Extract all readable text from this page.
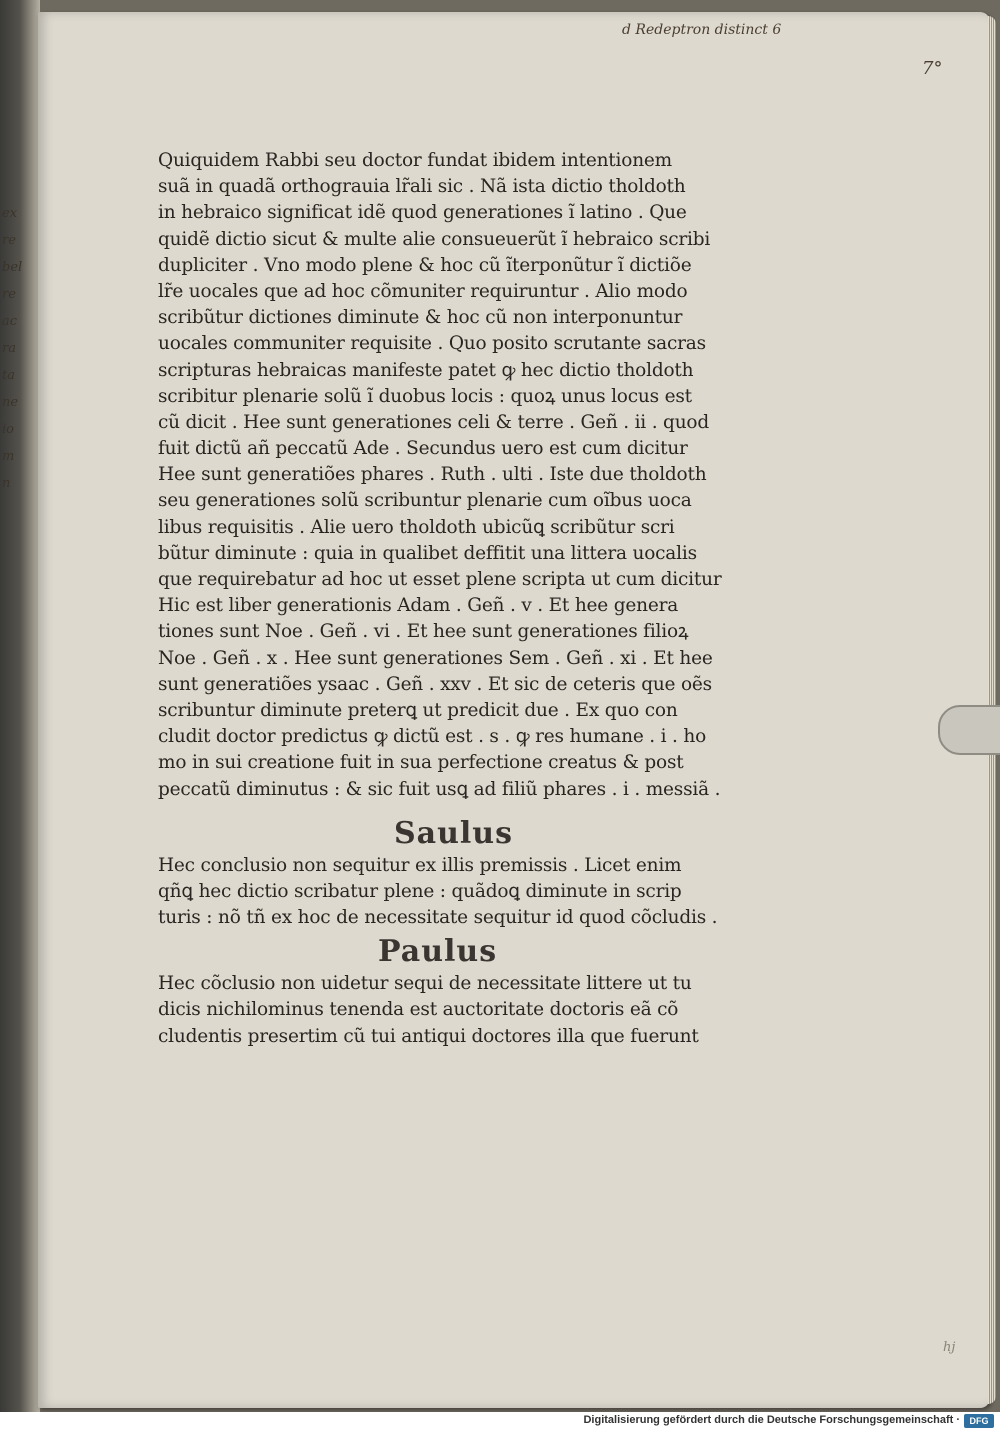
ex
re
bel
re
ac
ra
ta
ne
io
m
n
d Redeptron distinct 6
7°
Quiquidem Rabbi seu doctor fundat ibidem intentionem
suã in quadã orthograuia lr̃ali sic . Nã ista dictio tholdoth
in hebraico significat idẽ quod generationes ĩ latino . Que
quidẽ dictio sicut & multe alie consueuerũt ĩ hebraico scribi
dupliciter . Vno modo plene & hoc cũ ĩterponũtur ĩ dictiõe
lr̃e uocales que ad hoc cõmuniter requiruntur . Alio modo
scribũtur dictiones diminute & hoc cũ non interponuntur
uocales communiter requisite . Quo posito scrutante sacras
scripturas hebraicas manifeste patet ꝙ hec dictio tholdoth
scribitur plenarie solũ ĩ duobus locis : quoꝝ unus locus est
cũ dicit . Hee sunt generationes celi & terre . Geñ . ii . quod
fuit dictũ añ peccatũ Ade . Secundus uero est cum dicitur
Hee sunt generatiões phares . Ruth . ulti . Iste due tholdoth
seu generationes solũ scribuntur plenarie cum oĩbus uoca
libus requisitis . Alie uero tholdoth ubicũꝗ scribũtur scri
bũtur diminute : quia in qualibet deffitit una littera uocalis
que requirebatur ad hoc ut esset plene scripta ut cum dicitur
Hic est liber generationis Adam . Geñ . v . Et hee genera
tiones sunt Noe . Geñ . vi . Et hee sunt generationes filioꝝ
Noe . Geñ . x . Hee sunt generationes Sem . Geñ . xi . Et hee
sunt generatiões ysaac . Geñ . xxv . Et sic de ceteris que oẽs
scribuntur diminute preterꝗ ut predicit due . Ex quo con
cludit doctor predictus ꝙ dictũ est . s . ꝙ res humane . i . ho
mo in sui creatione fuit in sua perfectione creatus & post
peccatũ diminutus : & sic fuit usꝗ ad filiũ phares . i . messiã .
Saulus
Hec conclusio non sequitur ex illis premissis . Licet enim
qñꝗ hec dictio scribatur plene : quãdoꝗ diminute in scrip
turis : nõ tñ ex hoc de necessitate sequitur id quod cõcludis .
Paulus
Hec cõclusio non uidetur sequi de necessitate littere ut tu
dicis nichilominus tenenda est auctoritate doctoris eã cõ
cludentis presertim cũ tui antiqui doctores illa que fuerunt
hj
Digitalisierung gefördert durch die Deutsche Forschungsgemeinschaft ·	DFG
